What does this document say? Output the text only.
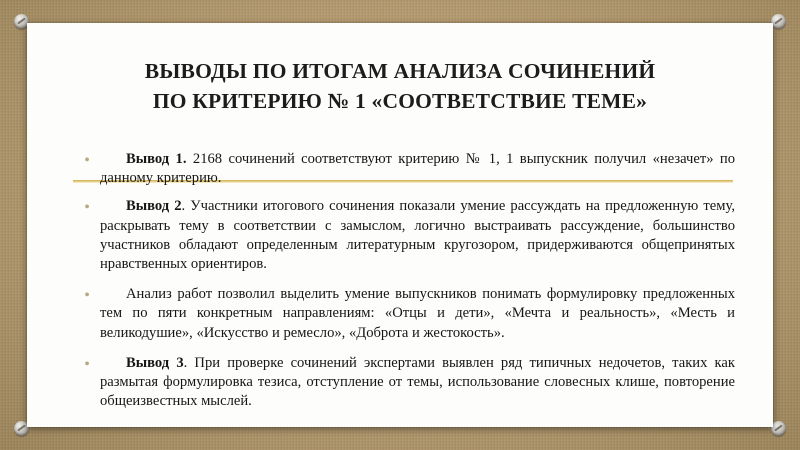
ВЫВОДЫ ПО ИТОГАМ АНАЛИЗА СОЧИНЕНИЙ
ПО КРИТЕРИЮ № 1 «СООТВЕТСТВИЕ ТЕМЕ»
•	Вывод 1. 2168 сочинений соответствуют критерию № 1, 1 выпускник получил «незачет» по данному критерию.
•	Вывод 2. Участники итогового сочинения показали умение рассуждать на предложенную тему, раскрывать тему в соответствии с замыслом, логично выстраивать рассуждение, большинство участников обладают определенным литературным кругозором, придерживаются общепринятых нравственных ориентиров.
•	Анализ работ позволил выделить умение выпускников понимать формулировку предложенных тем по пяти конкретным направлениям: «Отцы и дети», «Мечта и реальность», «Месть и великодушие», «Искусство и ремесло», «Доброта и жестокость».
•	Вывод 3. При проверке сочинений экспертами выявлен ряд типичных недочетов, таких как размытая формулировка тезиса, отступление от темы, использование словесных клише, повторение общеизвестных мыслей.
